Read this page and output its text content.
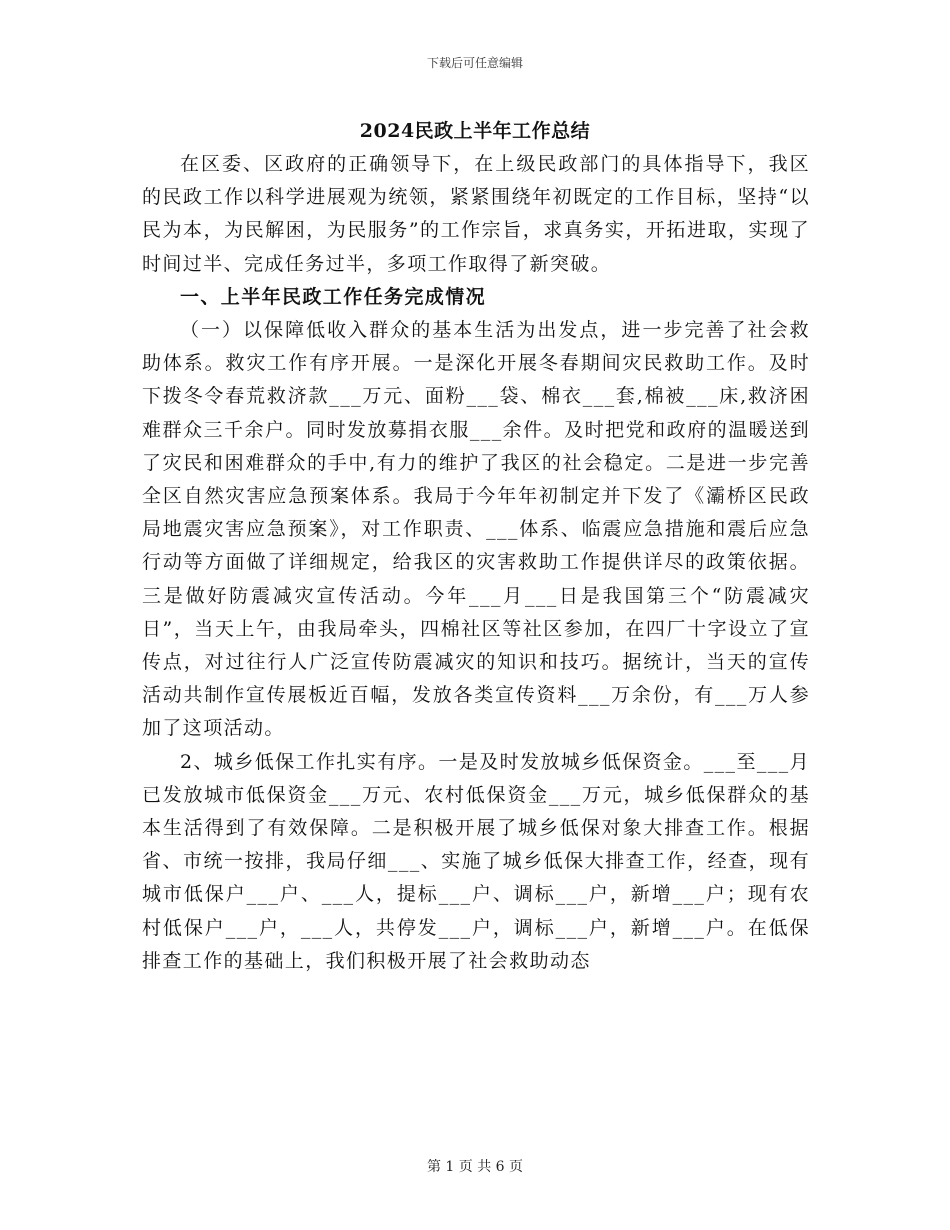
下载后可任意编辑
2024民政上半年工作总结

在区委、区政府的正确领导下，在上级民政部门的具体指导下，我区的民政工作以科学进展观为统领，紧紧围绕年初既定的工作目标，坚持“以民为本，为民解困，为民服务”的工作宗旨，求真务实，开拓进取，实现了时间过半、完成任务过半，多项工作取得了新突破。

一、上半年民政工作任务完成情况

（一）以保障低收入群众的基本生活为出发点，进一步完善了社会救助体系。救灾工作有序开展。一是深化开展冬春期间灾民救助工作。及时下拨冬令春荒救济款___万元、面粉___袋、棉衣___套,棉被___床,救济困难群众三千余户。同时发放募捐衣服___余件。及时把党和政府的温暖送到了灾民和困难群众的手中,有力的维护了我区的社会稳定。二是进一步完善全区自然灾害应急预案体系。我局于今年年初制定并下发了《灞桥区民政局地震灾害应急预案》，对工作职责、___体系、临震应急措施和震后应急行动等方面做了详细规定，给我区的灾害救助工作提供详尽的政策依据。三是做好防震减灾宣传活动。今年___月___日是我国第三个“防震减灾日”，当天上午，由我局牵头，四棉社区等社区参加，在四厂十字设立了宣传点，对过往行人广泛宣传防震减灾的知识和技巧。据统计，当天的宣传活动共制作宣传展板近百幅，发放各类宣传资料___万余份，有___万人参加了这项活动。

2、城乡低保工作扎实有序。一是及时发放城乡低保资金。___至___月已发放城市低保资金___万元、农村低保资金___万元，城乡低保群众的基本生活得到了有效保障。二是积极开展了城乡低保对象大排查工作。根据省、市统一按排，我局仔细___、实施了城乡低保大排查工作，经查，现有城市低保户___户、___人，提标___户、调标___户，新增___户；现有农村低保户___户，___人，共停发___户，调标___户，新增___户。在低保排查工作的基础上，我们积极开展了社会救助动态

第 1 页 共 6 页
